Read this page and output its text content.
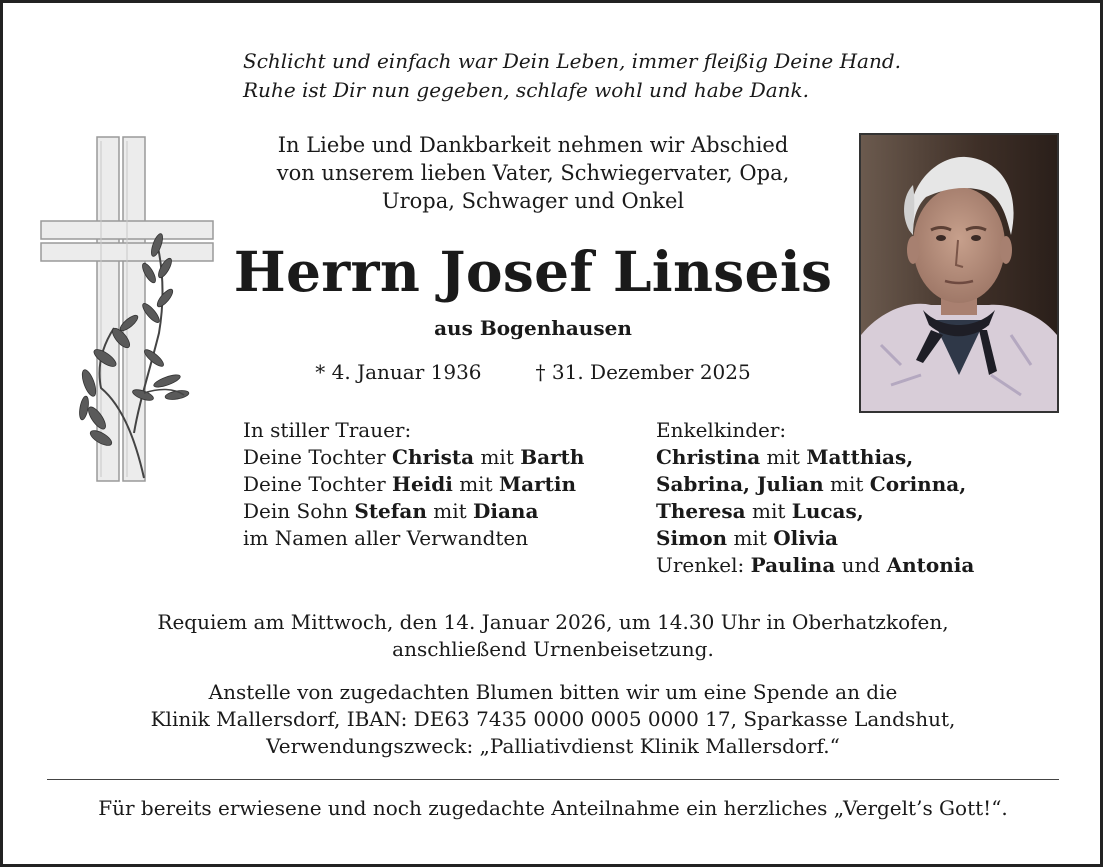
Schlicht und einfach war Dein Leben, immer fleißig Deine Hand.
Ruhe ist Dir nun gegeben, schlafe wohl und habe Dank.
In Liebe und Dankbarkeit nehmen wir Abschied
von unserem lieben Vater, Schwiegervater, Opa,
Uropa, Schwager und Onkel
Herrn Josef Linseis
aus Bogenhausen
* 4. Januar 1936	† 31. Dezember 2025
In stiller Trauer:
Deine Tochter Christa mit Barth
Deine Tochter Heidi mit Martin
Dein Sohn Stefan mit Diana
im Namen aller Verwandten
Enkelkinder:
Christina mit Matthias,
Sabrina, Julian mit Corinna,
Theresa mit Lucas,
Simon mit Olivia
Urenkel: Paulina und Antonia
Requiem am Mittwoch, den 14. Januar 2026, um 14.30 Uhr in Oberhatzkofen,
anschließend Urnenbeisetzung.
Anstelle von zugedachten Blumen bitten wir um eine Spende an die
Klinik Mallersdorf, IBAN: DE63 7435 0000 0005 0000 17, Sparkasse Landshut,
Verwendungszweck: „Palliativdienst Klinik Mallersdorf.“
Für bereits erwiesene und noch zugedachte Anteilnahme ein herzliches „Vergelt’s Gott!“.
